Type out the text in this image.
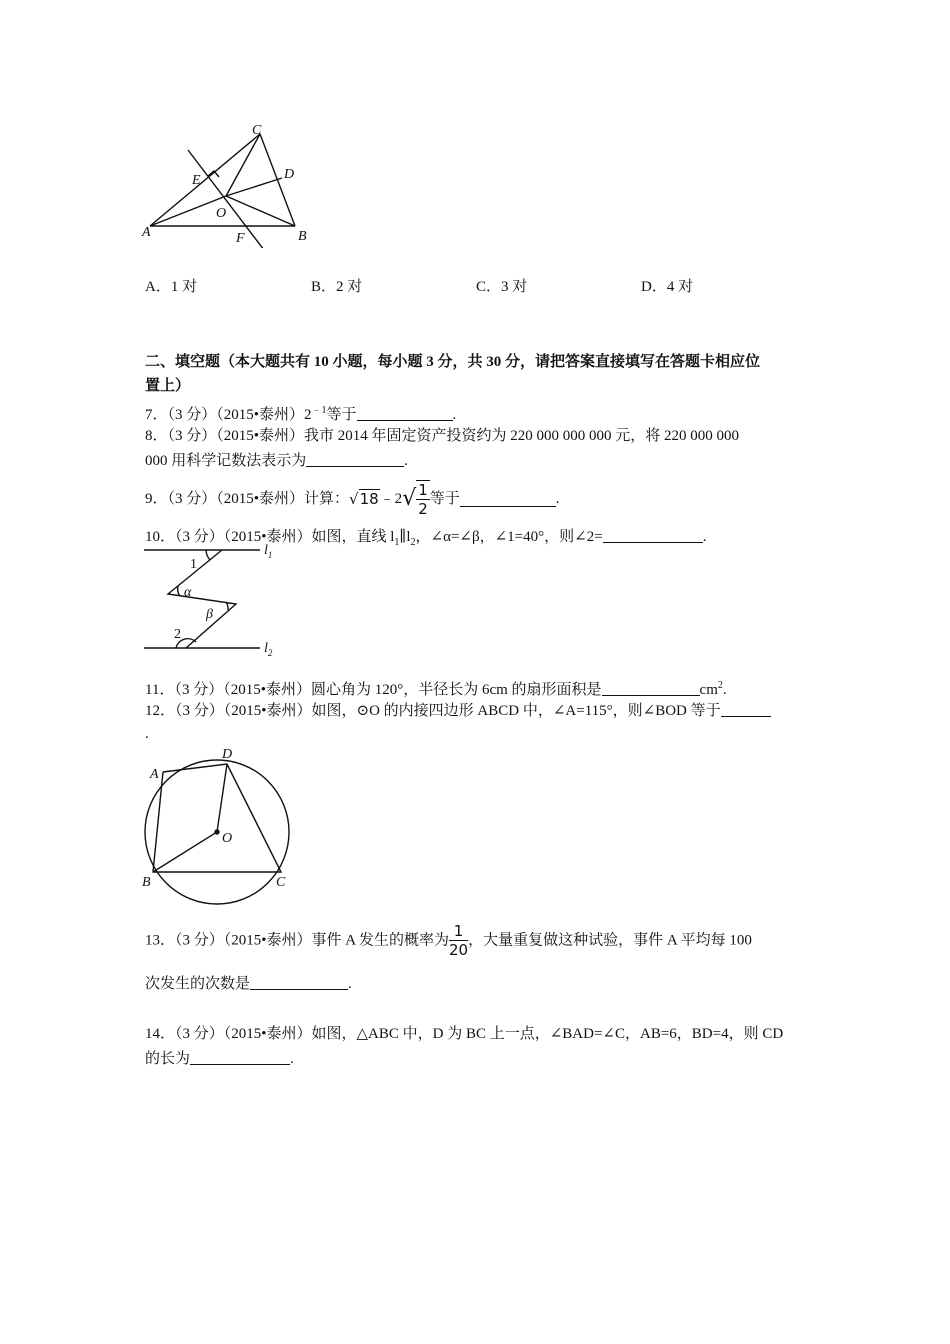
C
D
E
O
A	F	B
A．1 对	B．2 对	C．3 对	D．4 对
二、填空题（本大题共有 10 小题，每小题 3 分，共 30 分，请把答案直接填写在答题卡相应位
置上）
7．（3 分）（2015•泰州）$2^{﹣1}$等于	.
8．（3 分）（2015•泰州）我市 2014 年固定资产投资约为 220 000 000 000 元，将 220 000 000
000 用科学记数法表示为	.
9．（3 分）（2015•泰州）计算：√18﹣2√ $\frac{1}{2}$ 等于	.
10．（3 分）（2015•泰州）如图，直线 $l_1\parallel l_2$，∠α=∠β，∠1=40°，则∠2=	.
$l_1$
$l_2$
1
α
β
2
11．（3 分）（2015•泰州）圆心角为 120°，半径长为 6cm 的扇形面积是	$cm^2$.
12．（3 分）（2015•泰州）如图，⊙O 的内接四边形 ABCD 中，∠A=115°，则∠BOD 等于
.
A
D
O
B	C
13．（3 分）（2015•泰州）事件 A 发生的概率为 $\frac{1}{20}$ ，大量重复做这种试验，事件 A 平均每 100
次发生的次数是	.
14．（3 分）（2015•泰州）如图，△ABC 中，D 为 BC 上一点，∠BAD=∠C，AB=6，BD=4，则 CD
的长为	.
